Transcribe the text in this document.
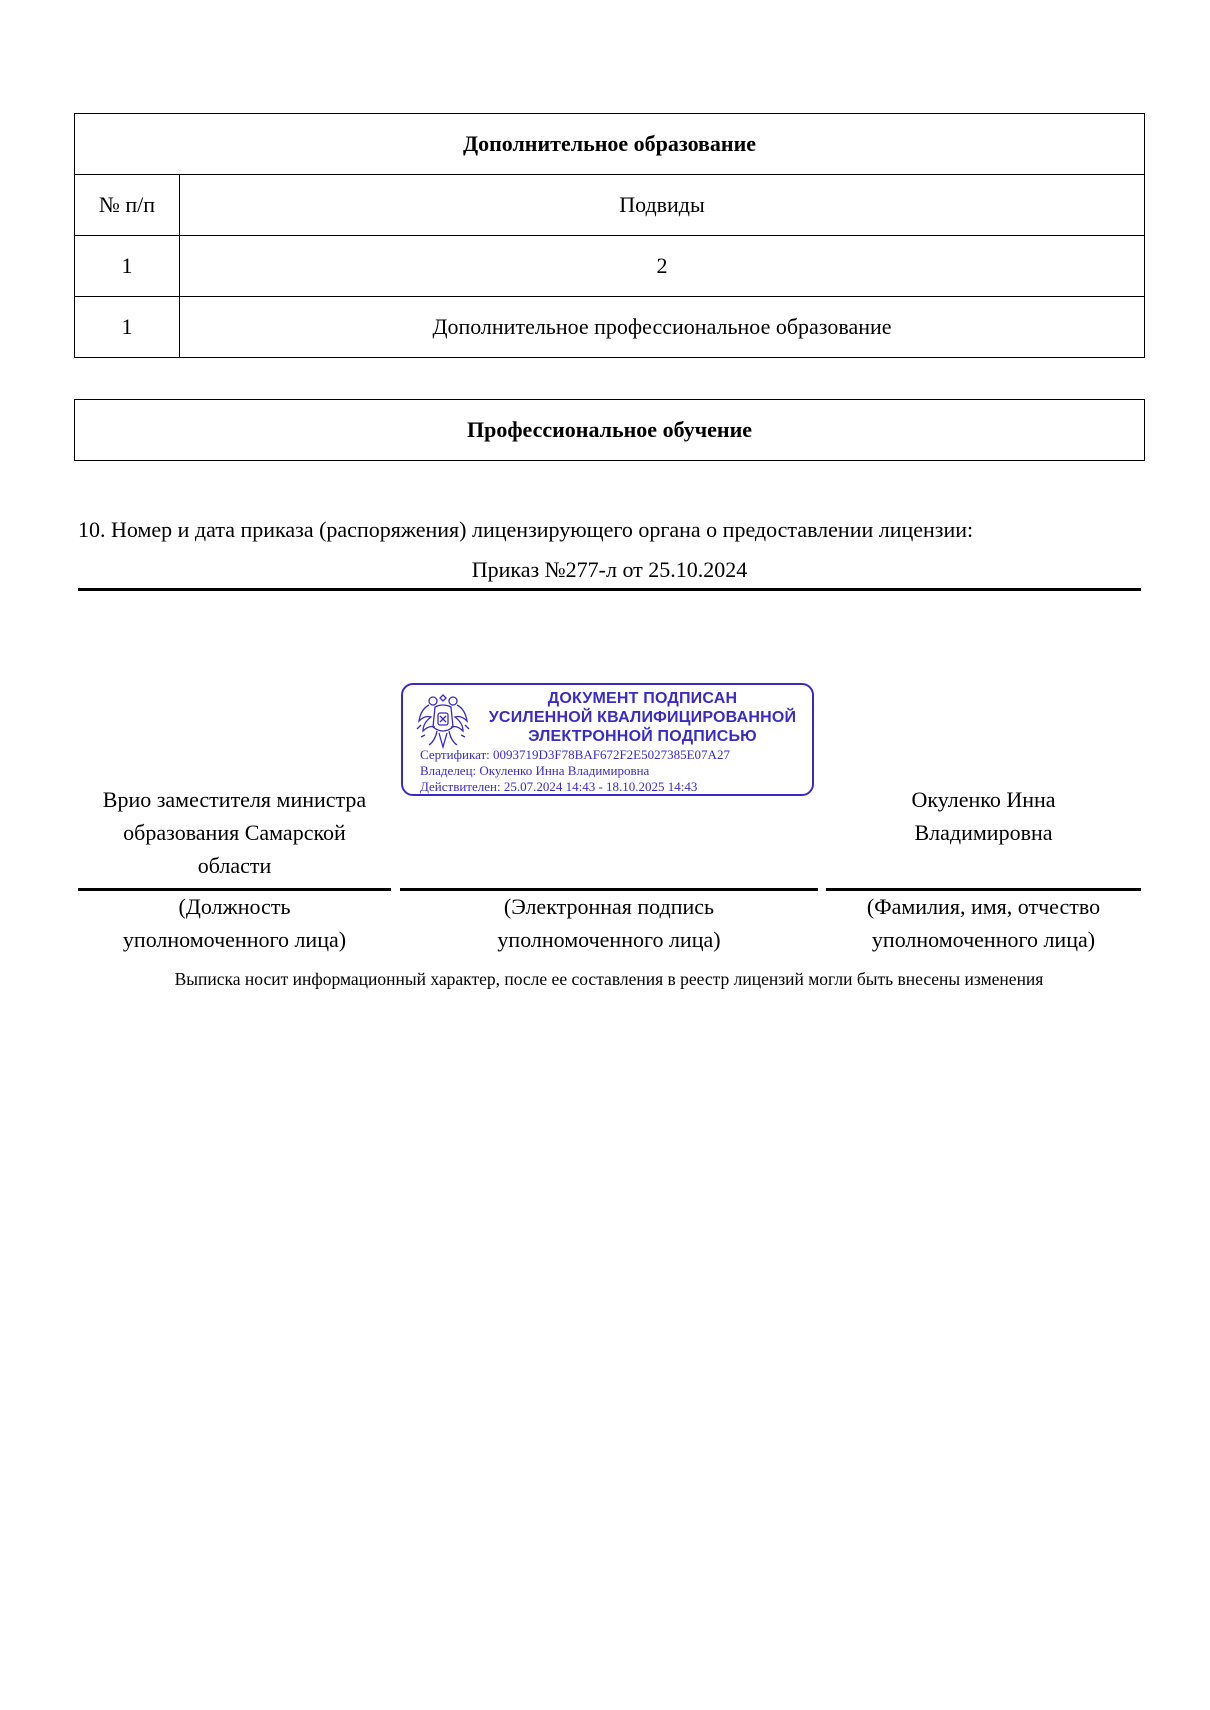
Дополнительное образование	
№ п/п	Подвиды
1	2
1	Дополнительное профессиональное образование
Профессиональное обучение
10. Номер и дата приказа (распоряжения) лицензирующего органа о предоставлении лицензии:
Приказ №277-л от 25.10.2024
ДОКУМЕНТ ПОДПИСАН
УСИЛЕННОЙ КВАЛИФИЦИРОВАННОЙ
ЭЛЕКТРОННОЙ ПОДПИСЬЮ
Сертификат: 0093719D3F78BAF672F2E5027385E07A27
Владелец: Окуленко Инна Владимировна
Действителен: 25.07.2024 14:43 - 18.10.2025 14:43
Врио заместителя министра
образования Самарской
области
Окуленко Инна
Владимировна
(Должность
уполномоченного лица)
(Электронная подпись
уполномоченного лица)
(Фамилия, имя, отчество
уполномоченного лица)
Выписка носит информационный характер, после ее составления в реестр лицензий могли быть внесены изменения
